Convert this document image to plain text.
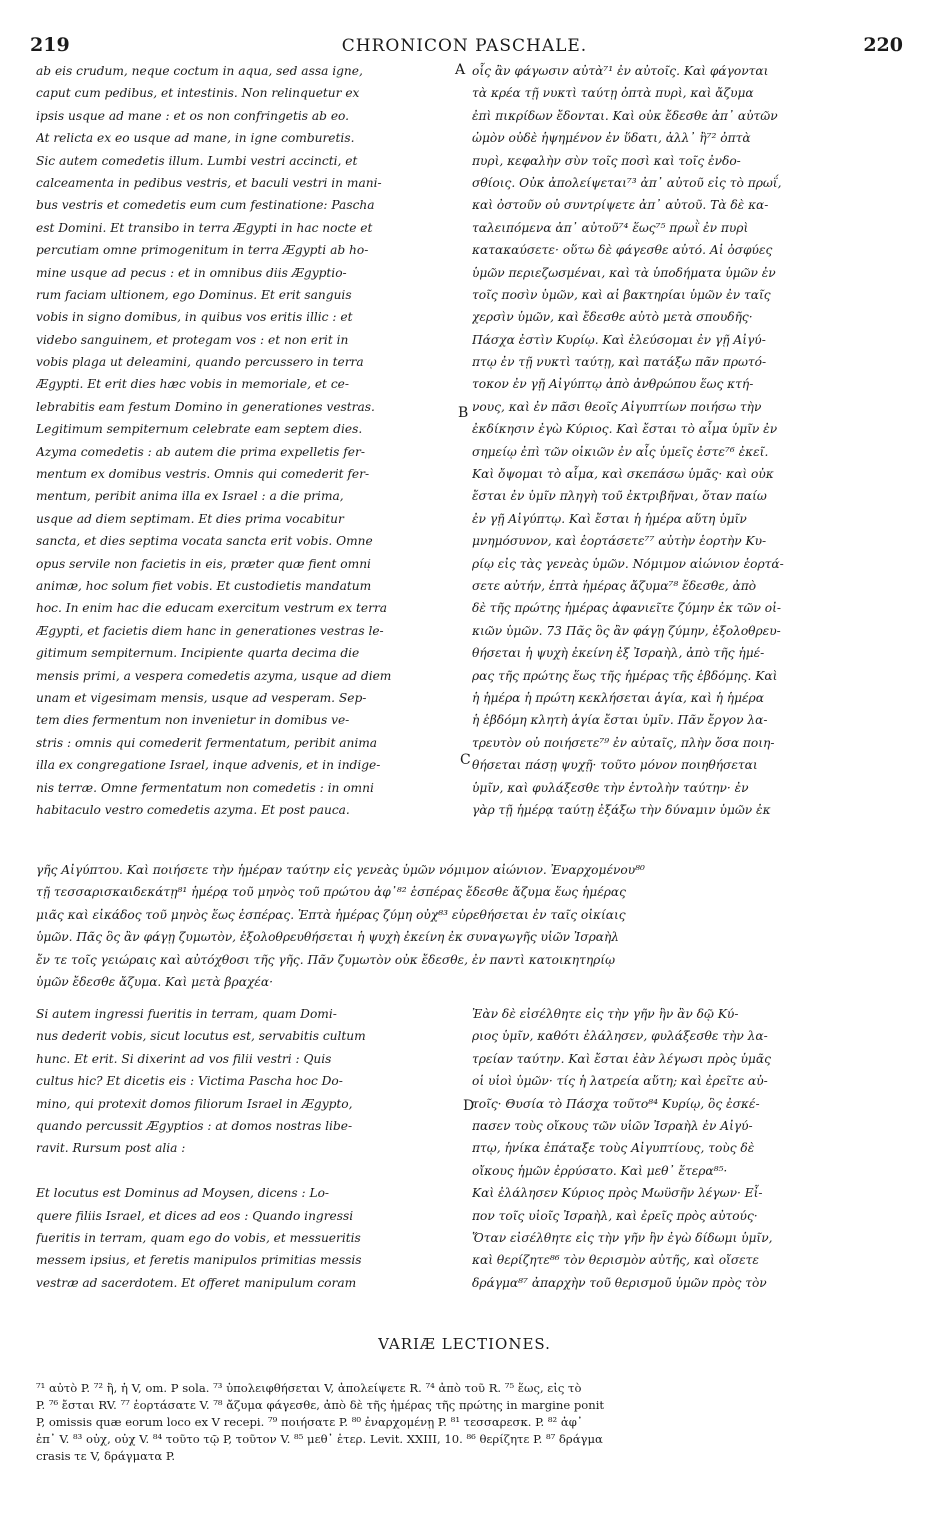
219	CHRONICON PASCHALE.	220
ab eis crudum, neque coctum in aqua, sed assa igne,
caput cum pedibus, et intestinis. Non relinquetur ex
ipsis usque ad mane : et os non confringetis ab eo.
At relicta ex eo usque ad mane, in igne comburetis.
Sic autem comedetis illum. Lumbi vestri accincti, et
calceamenta in pedibus vestris, et baculi vestri in mani-
bus vestris et comedetis eum cum festinatione: Pascha
est Domini. Et transibo in terra Ægypti in hac nocte et
percutiam omne primogenitum in terra Ægypti ab ho-
mine usque ad pecus : et in omnibus diis Ægyptio-
rum faciam ultionem, ego Dominus. Et erit sanguis
vobis in signo domibus, in quibus vos eritis illic : et
videbo sanguinem, et protegam vos : et non erit in
vobis plaga ut deleamini, quando percussero in terra
Ægypti. Et erit dies hæc vobis in memoriale, et ce-
lebrabitis eam festum Domino in generationes vestras.
Legitimum sempiternum celebrate eam septem dies.
Azyma comedetis : ab autem die prima expelletis fer-
mentum ex domibus vestris. Omnis qui comederit fer-
mentum, peribit anima illa ex Israel : a die prima,
usque ad diem septimam. Et dies prima vocabitur
sancta, et dies septima vocata sancta erit vobis. Omne
opus servile non facietis in eis, præter quæ fient omni
animæ, hoc solum fiet vobis. Et custodietis mandatum
hoc. In enim hac die educam exercitum vestrum ex terra
Ægypti, et facietis diem hanc in generationes vestras le-
gitimum sempiternum. Incipiente quarta decima die
mensis primi, a vespera comedetis azyma, usque ad diem
unam et vigesimam mensis, usque ad vesperam. Sep-
tem dies fermentum non invenietur in domibus ve-
stris : omnis qui comederit fermentatum, peribit anima
illa ex congregatione Israel, inque advenis, et in indige-
nis terræ. Omne fermentatum non comedetis : in omni
habitaculo vestro comedetis azyma. Et post pauca.
οἷς ἂν φάγωσιν αὐτὰ⁷¹ ἐν αὐτοῖς. Καὶ φάγονται
τὰ κρέα τῇ νυκτὶ ταύτῃ ὀπτὰ πυρὶ, καὶ ἄζυμα
ἐπὶ πικρίδων ἔδονται. Καὶ οὐκ ἔδεσθε ἀπ᾽ αὐτῶν
ὠμὸν οὐδὲ ἡψημένον ἐν ὕδατι, ἀλλ᾽ ἢ⁷² ὀπτὰ
πυρὶ, κεφαλὴν σὺν τοῖς ποσὶ καὶ τοῖς ἐνδο-
σθίοις. Οὐκ ἀπολείψεται⁷³ ἀπ᾽ αὐτοῦ εἰς τὸ πρωΐ,
καὶ ὀστοῦν οὐ συντρίψετε ἀπ᾽ αὐτοῦ. Τὰ δὲ κα-
ταλειπόμενα ἀπ᾽ αὐτοῦ⁷⁴ ἕως⁷⁵ πρωῒ ἐν πυρὶ
κατακαύσετε· οὕτω δὲ φάγεσθε αὐτό. Αἱ ὀσφύες
ὑμῶν περιεζωσμέναι, καὶ τὰ ὑποδήματα ὑμῶν ἐν
τοῖς ποσὶν ὑμῶν, καὶ αἱ βακτηρίαι ὑμῶν ἐν ταῖς
χερσὶν ὑμῶν, καὶ ἔδεσθε αὐτὸ μετὰ σπουδῆς·
Πάσχα ἐστὶν Κυρίῳ. Καὶ ἐλεύσομαι ἐν γῇ Αἰγύ-
πτῳ ἐν τῇ νυκτὶ ταύτῃ, καὶ πατάξω πᾶν πρωτό-
τοκον ἐν γῇ Αἰγύπτῳ ἀπὸ ἀνθρώπου ἕως κτή-
νους, καὶ ἐν πᾶσι θεοῖς Αἰγυπτίων ποιήσω τὴν
ἐκδίκησιν ἐγὼ Κύριος. Καὶ ἔσται τὸ αἷμα ὑμῖν ἐν
σημείῳ ἐπὶ τῶν οἰκιῶν ἐν αἷς ὑμεῖς ἐστε⁷⁶ ἐκεῖ.
Καὶ ὄψομαι τὸ αἷμα, καὶ σκεπάσω ὑμᾶς· καὶ οὐκ
ἔσται ἐν ὑμῖν πληγὴ τοῦ ἐκτριβῆναι, ὅταν παίω
ἐν γῇ Αἰγύπτῳ. Καὶ ἔσται ἡ ἡμέρα αὕτη ὑμῖν
μνημόσυνον, καὶ ἑορτάσετε⁷⁷ αὐτὴν ἑορτὴν Κυ-
ρίῳ εἰς τὰς γενεὰς ὑμῶν. Νόμιμον αἰώνιον ἑορτά-
σετε αὐτήν, ἑπτὰ ἡμέρας ἄζυμα⁷⁸ ἔδεσθε, ἀπὸ
δὲ τῆς πρώτης ἡμέρας ἀφανιεῖτε ζύμην ἐκ τῶν οἰ-
κιῶν ὑμῶν. 73 Πᾶς ὃς ἂν φάγῃ ζύμην, ἐξολοθρευ-
θήσεται ἡ ψυχὴ ἐκείνη ἐξ Ἰσραὴλ, ἀπὸ τῆς ἡμέ-
ρας τῆς πρώτης ἕως τῆς ἡμέρας τῆς ἑβδόμης. Καὶ
ἡ ἡμέρα ἡ πρώτη κεκλήσεται ἁγία, καὶ ἡ ἡμέρα
ἡ ἑβδόμη κλητὴ ἁγία ἔσται ὑμῖν. Πᾶν ἔργον λα-
τρευτὸν οὐ ποιήσετε⁷⁹ ἐν αὐταῖς, πλὴν ὅσα ποιη-
θήσεται πάσῃ ψυχῇ· τοῦτο μόνον ποιηθήσεται
ὑμῖν, καὶ φυλάξεσθε τὴν ἐντολὴν ταύτην· ἐν
γὰρ τῇ ἡμέρᾳ ταύτῃ ἐξάξω τὴν δύναμιν ὑμῶν ἐκ
A
B
C
D
γῆς Αἰγύπτου. Καὶ ποιήσετε τὴν ἡμέραν ταύτην εἰς γενεὰς ὑμῶν νόμιμον αἰώνιον. Ἐναρχομένου⁸⁰
τῇ τεσσαρισκαιδεκάτῃ⁸¹ ἡμέρᾳ τοῦ μηνὸς τοῦ πρώτου ἀφ᾽⁸² ἑσπέρας ἔδεσθε ἄζυμα ἕως ἡμέρας
μιᾶς καὶ εἰκάδος τοῦ μηνὸς ἕως ἑσπέρας. Ἑπτὰ ἡμέρας ζύμη οὐχ⁸³ εὑρεθήσεται ἐν ταῖς οἰκίαις
ὑμῶν. Πᾶς ὃς ἂν φάγῃ ζυμωτὸν, ἐξολοθρευθήσεται ἡ ψυχὴ ἐκείνη ἐκ συναγωγῆς υἱῶν Ἰσραὴλ
ἔν τε τοῖς γειώραις καὶ αὐτόχθοσι τῆς γῆς. Πᾶν ζυμωτὸν οὐκ ἔδεσθε, ἐν παντὶ κατοικητηρίῳ
ὑμῶν ἔδεσθε ἄζυμα. Καὶ μετὰ βραχέα·
Si autem ingressi fueritis in terram, quam Domi-
nus dederit vobis, sicut locutus est, servabitis cultum
hunc. Et erit. Si dixerint ad vos filii vestri : Quis
cultus hic? Et dicetis eis : Victima Pascha hoc Do-
mino, qui protexit domos filiorum Israel in Ægypto,
quando percussit Ægyptios : at domos nostras libe-
ravit. Rursum post alia :
Et locutus est Dominus ad Moysen, dicens : Lo-
quere filiis Israel, et dices ad eos : Quando ingressi
fueritis in terram, quam ego do vobis, et messueritis
messem ipsius, et feretis manipulos primitias messis
vestræ ad sacerdotem. Et offeret manipulum coram
Ἐὰν δὲ εἰσέλθητε εἰς τὴν γῆν ἣν ἂν δῷ Κύ-
ριος ὑμῖν, καθότι ἐλάλησεν, φυλάξεσθε τὴν λα-
τρείαν ταύτην. Καὶ ἔσται ἐὰν λέγωσι πρὸς ὑμᾶς
οἱ υἱοὶ ὑμῶν· τίς ἡ λατρεία αὕτη; καὶ ἐρεῖτε αὐ-
τοῖς· Θυσία τὸ Πάσχα τοῦτο⁸⁴ Κυρίῳ, ὃς ἐσκέ-
πασεν τοὺς οἴκους τῶν υἱῶν Ἰσραὴλ ἐν Αἰγύ-
πτῳ, ἡνίκα ἐπάταξε τοὺς Αἰγυπτίους, τοὺς δὲ
οἴκους ἡμῶν ἐρρύσατο. Καὶ μεθ᾽ ἕτερα⁸⁵·
Καὶ ἐλάλησεν Κύριος πρὸς Μωϋσῆν λέγων· Εἶ-
πον τοῖς υἱοῖς Ἰσραὴλ, καὶ ἐρεῖς πρὸς αὐτούς·
Ὅταν εἰσέλθητε εἰς τὴν γῆν ἣν ἐγὼ δίδωμι ὑμῖν,
καὶ θερίζητε⁸⁶ τὸν θερισμὸν αὐτῆς, καὶ οἴσετε
δράγμα⁸⁷ ἀπαρχὴν τοῦ θερισμοῦ ὑμῶν πρὸς τὸν
VARIÆ LECTIONES.
⁷¹ αὐτὸ P. ⁷² ἢ, ἡ V, om. P sola. ⁷³ ὑπολειφθήσεται V, ἀπολείψετε R. ⁷⁴ ἀπὸ τοῦ R. ⁷⁵ ἕως, εἰς τὸ
P. ⁷⁶ ἔσται RV. ⁷⁷ ἑορτάσατε V. ⁷⁸ ἄζυμα φάγεσθε, ἀπὸ δὲ τῆς ἡμέρας τῆς πρώτης in margine ponit
P, omissis quæ eorum loco ex V recepi. ⁷⁹ ποιήσατε P. ⁸⁰ ἐναρχομένῃ P. ⁸¹ τεσσαρεσκ. P. ⁸² ἀφ᾽
ἐπ᾽ V. ⁸³ οὐχ, οὐχ V. ⁸⁴ τοῦτο τῷ P, τοῦτον V. ⁸⁵ μεθ᾽ ἑτερ. Levit. XXIII, 10. ⁸⁶ θερίζητε P. ⁸⁷ δράγμα
crasis τε V, δράγματα P.
